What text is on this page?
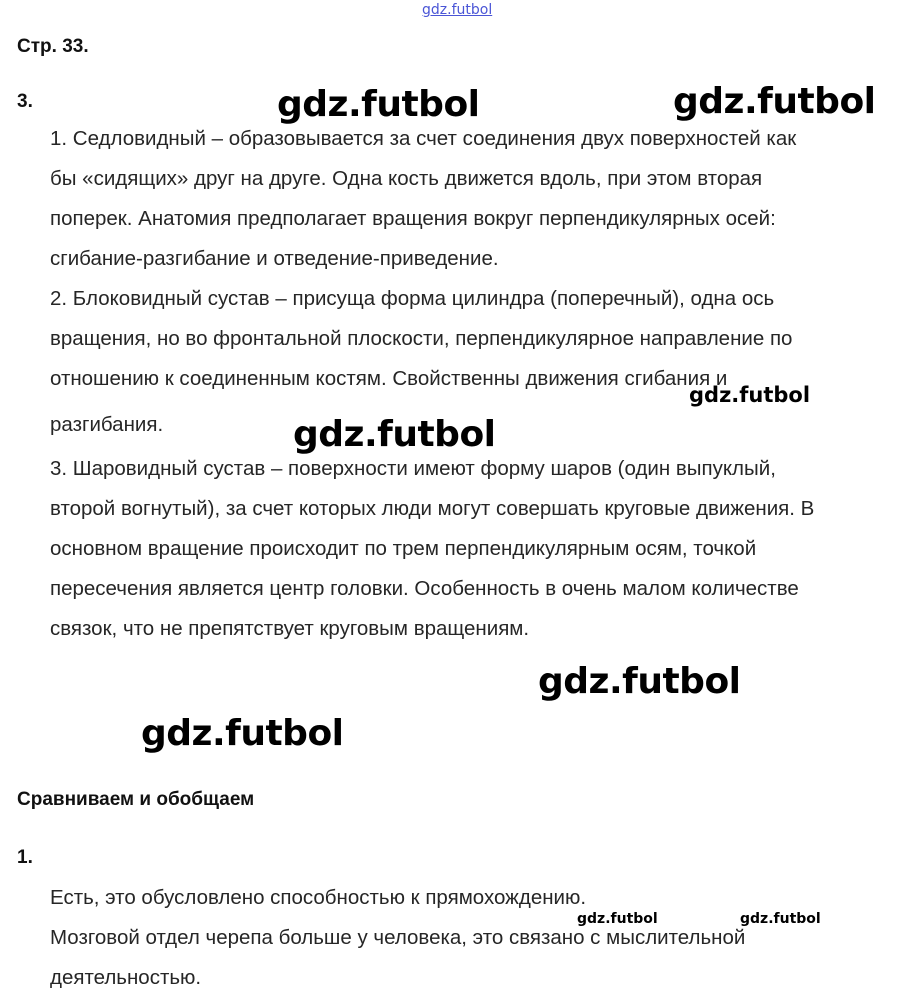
gdz.futbol
Стр. 33.
3.
1. Седловидный – образовывается за счет соединения двух поверхностей как
бы «сидящих» друг на друге. Одна кость движется вдоль, при этом вторая
поперек. Анатомия предполагает вращения вокруг перпендикулярных осей:
сгибание-разгибание и отведение-приведение.
2. Блоковидный сустав – присуща форма цилиндра (поперечный), одна ось
вращения, но во фронтальной плоскости, перпендикулярное направление по
отношению к соединенным костям. Свойственны движения сгибания и
разгибания.
3. Шаровидный сустав – поверхности имеют форму шаров (один выпуклый,
второй вогнутый), за счет которых люди могут совершать круговые движения. В
основном вращение происходит по трем перпендикулярным осям, точкой
пересечения является центр головки. Особенность в очень малом количестве
связок, что не препятствует круговым вращениям.
Сравниваем и обобщаем
1.
Есть, это обусловлено способностью к прямохождению.
Мозговой отдел черепа больше у человека, это связано с мыслительной
деятельностью.
gdz.futbol	gdz.futbol
gdz.futbol
gdz.futbol
gdz.futbol
gdz.futbol
gdz.futbol	gdz.futbol
